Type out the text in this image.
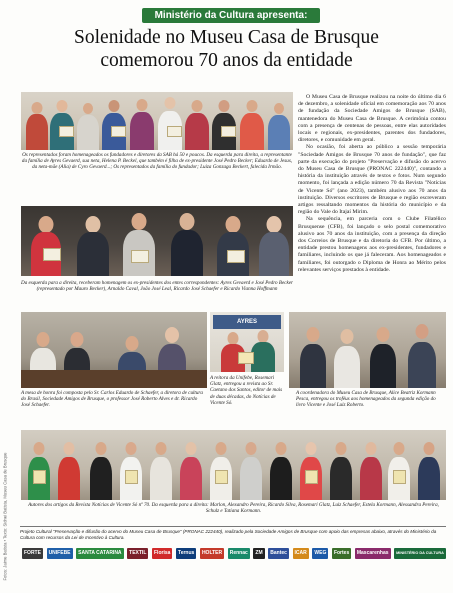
Fotos: Jaime Batista • Texto: Sidnei Batista, Museu Casa de Brusque
Ministério da Cultura apresenta:
Solenidade no Museu Casa de Brusque
comemorou 70 anos da entidade
Os representados foram homenageados os fundadores e diretores da SAB há 50 e poucos. Da esquerda para direita, a representante da família de Ayres Gevaerd, sua neta, Helena P. Beckel, que também é filha de ex-presidente José Pedro Becker; Eduardo de Jesus, da neta-mãe (Alia) de Cyro Gevaerd...; Os representados da família do fundador; Luiza Gonzaga Beckert, falecida Irmão.
Da esquerda para a direita, receberam homenagem os ex-presidentes dos entes correspondentes: Ayres Gevaerd e José Pedro Becker (representado por Mauro Becker), Arnaldo Caval, João José Leal, Ricardo José Schaefer e Ricardo Vianna Hoffmann

O Museu Casa de Brusque realizou na noite do último dia 6 de dezembro, a solenidade oficial em comemoração aos 70 anos de fundação da Sociedade Amigos de Brusque (SAB), mantenedora do Museu Casa de Brusque. A cerimônia contou com a presença de centenas de pessoas, entre elas autoridades locais e regionais, ex-presidentes, parentes dos fundadores, diretores, e comunidade em geral.

No ocasião, foi aberta ao público a sessão temporária "Sociedade Amigos de Brusque 70 anos de fundação", que faz parte da execução do projeto "Preservação e difusão do acervo do Museu Casa de Brusque (PRONAC 222440)", contando a história da instituição através de textos e fotos. Num segundo momento, foi lançada a edição número 70 da Revista "Notícias de Vicente Só" (ano 2023), também alusivo aos 70 anos da instituição. Diversos escritores de Brusque e região escreveram artigos ressaltando momentos da história do município e da região do Vale do Itajaí Mirim.

Na sequência, em parceria com o Clube Filatélico Brusquense (CFB), foi lançado o selo postal comemorativo alusivo aos 70 anos da instituição, com a presença da direção dos Correios de Brusque e da diretoria do CFB. Por último, a entidade prestou homenagens aos ex-presidentes, fundadores e familiares, incluindo os que já faleceram. Aos homenageados e familiares, foi outorgado o Diploma de Honra ao Mérito pelos relevantes serviços prestados à entidade.

A mesa de honra foi composta pelo Sr. Carlos Eduardo de Schaefer, a diretora de cultura do Brasil, Sociedade Amigos de Brusque, o professor José Roberto Alves e dr. Ricardo José Schaefer.
AYRES
A reitora da Unifebe, Rosemari Glatz, entregou a revista ao Sr. Caetano dos Santos, editor de mais de duas décadas, do Notícias de Vicente Só.
A coordenadora do Museu Casa de Brusque, Alice Beatriz Kormann Pesca, entregou os troféus aos homenageados da segunda edição do livro Vicente e José Luiz Roberto.
Autores dos artigos da Revista Notícias de Vicente Só nº 70. Da esquerda para a direita: Marlon, Alexandro Pereira, Ricardo Silva, Rosemari Glatz, Luiz Schaefer, Estela Kormann, Alessandra Pereira, Schulz e Tatiana Kormann.
Projeto Cultural "Preservação e difusão do acervo do Museu Casa de Brusque" (PRONAC 222440), realizado pela Sociedade Amigos de Brusque com apoio das empresas abaixo, através do Ministério da Cultura com recursos da Lei de Incentivo à Cultura.
FORTE	UNIFEBE	SANTA CATARINA	TEXTIL	Florisa	Ternus	HOLTER	Rennac	ZM	Bantec	ICAR	WEG	Fortes	Mascarenhas	MINISTÉRIO DA CULTURA
